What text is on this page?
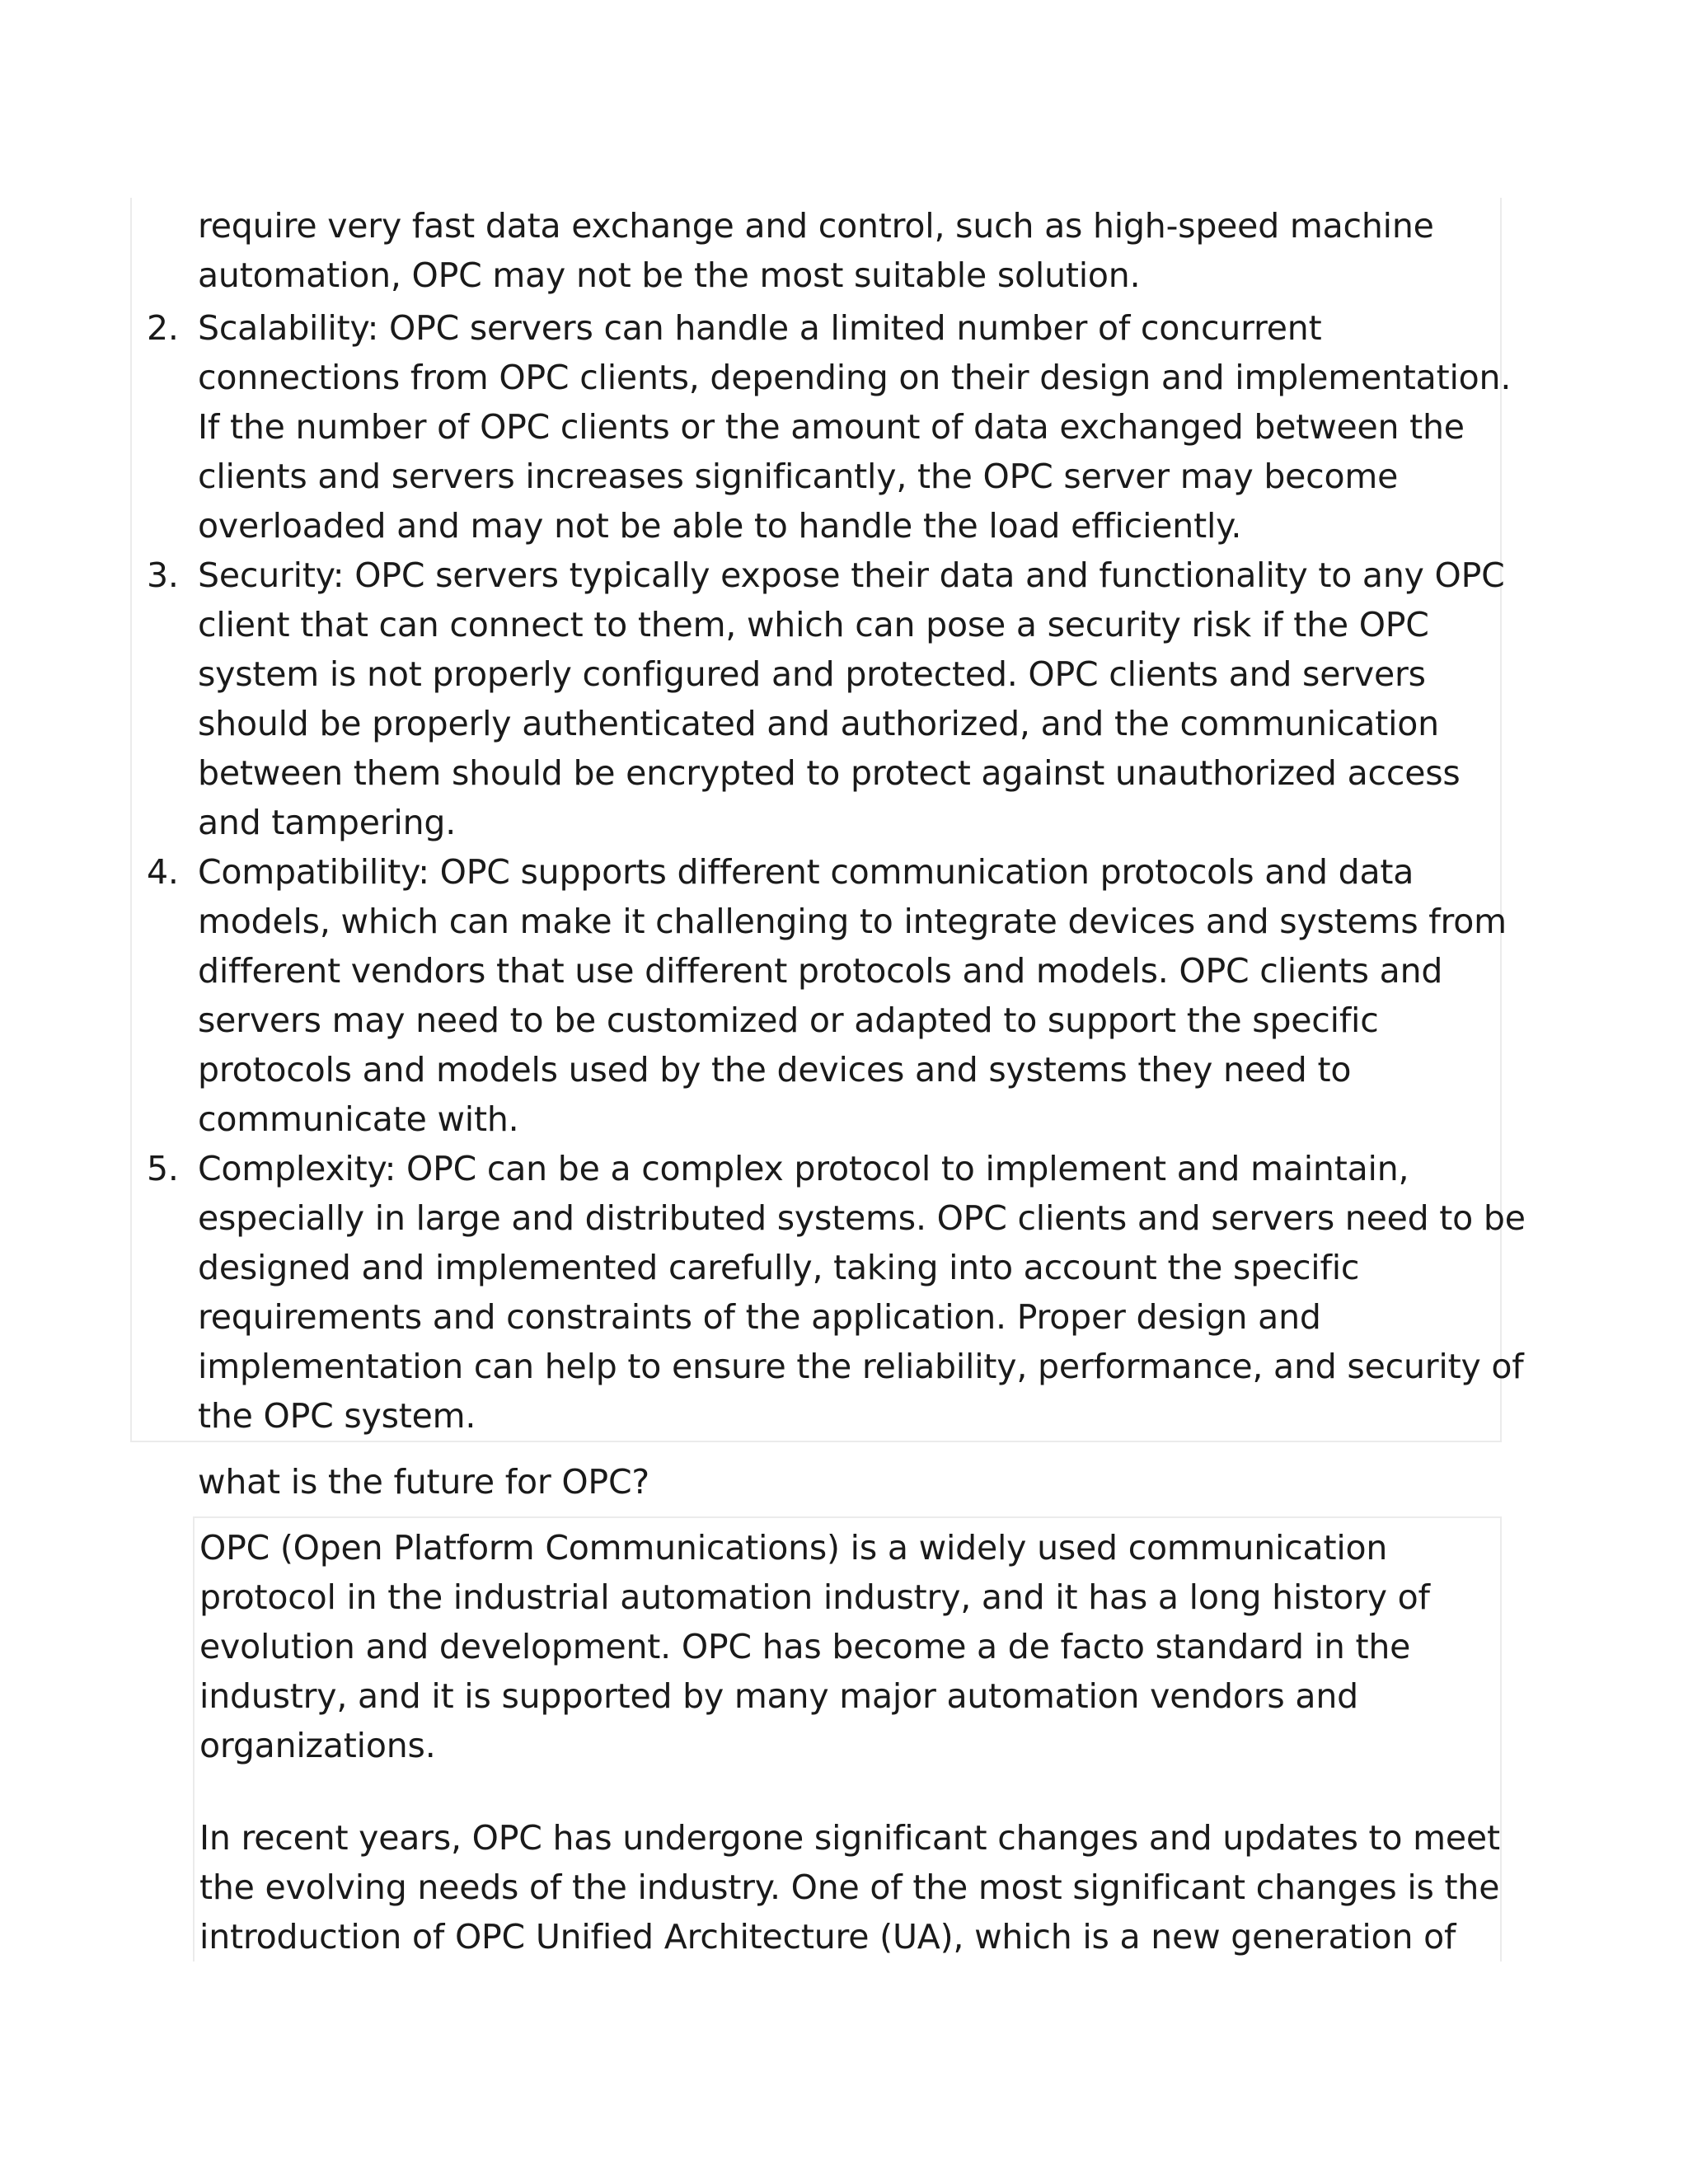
require very fast data exchange and control, such as high-speed machine
automation, OPC may not be the most suitable solution.
2. Scalability: OPC servers can handle a limited number of concurrent
connections from OPC clients, depending on their design and implementation.
If the number of OPC clients or the amount of data exchanged between the
clients and servers increases significantly, the OPC server may become
overloaded and may not be able to handle the load efficiently.
3. Security: OPC servers typically expose their data and functionality to any OPC
client that can connect to them, which can pose a security risk if the OPC
system is not properly configured and protected. OPC clients and servers
should be properly authenticated and authorized, and the communication
between them should be encrypted to protect against unauthorized access
and tampering.
4. Compatibility: OPC supports different communication protocols and data
models, which can make it challenging to integrate devices and systems from
different vendors that use different protocols and models. OPC clients and
servers may need to be customized or adapted to support the specific
protocols and models used by the devices and systems they need to
communicate with.
5. Complexity: OPC can be a complex protocol to implement and maintain,
especially in large and distributed systems. OPC clients and servers need to be
designed and implemented carefully, taking into account the specific
requirements and constraints of the application. Proper design and
implementation can help to ensure the reliability, performance, and security of
the OPC system.
what is the future for OPC?
OPC (Open Platform Communications) is a widely used communication
protocol in the industrial automation industry, and it has a long history of
evolution and development. OPC has become a de facto standard in the
industry, and it is supported by many major automation vendors and
organizations.
In recent years, OPC has undergone significant changes and updates to meet
the evolving needs of the industry. One of the most significant changes is the
introduction of OPC Unified Architecture (UA), which is a new generation of
